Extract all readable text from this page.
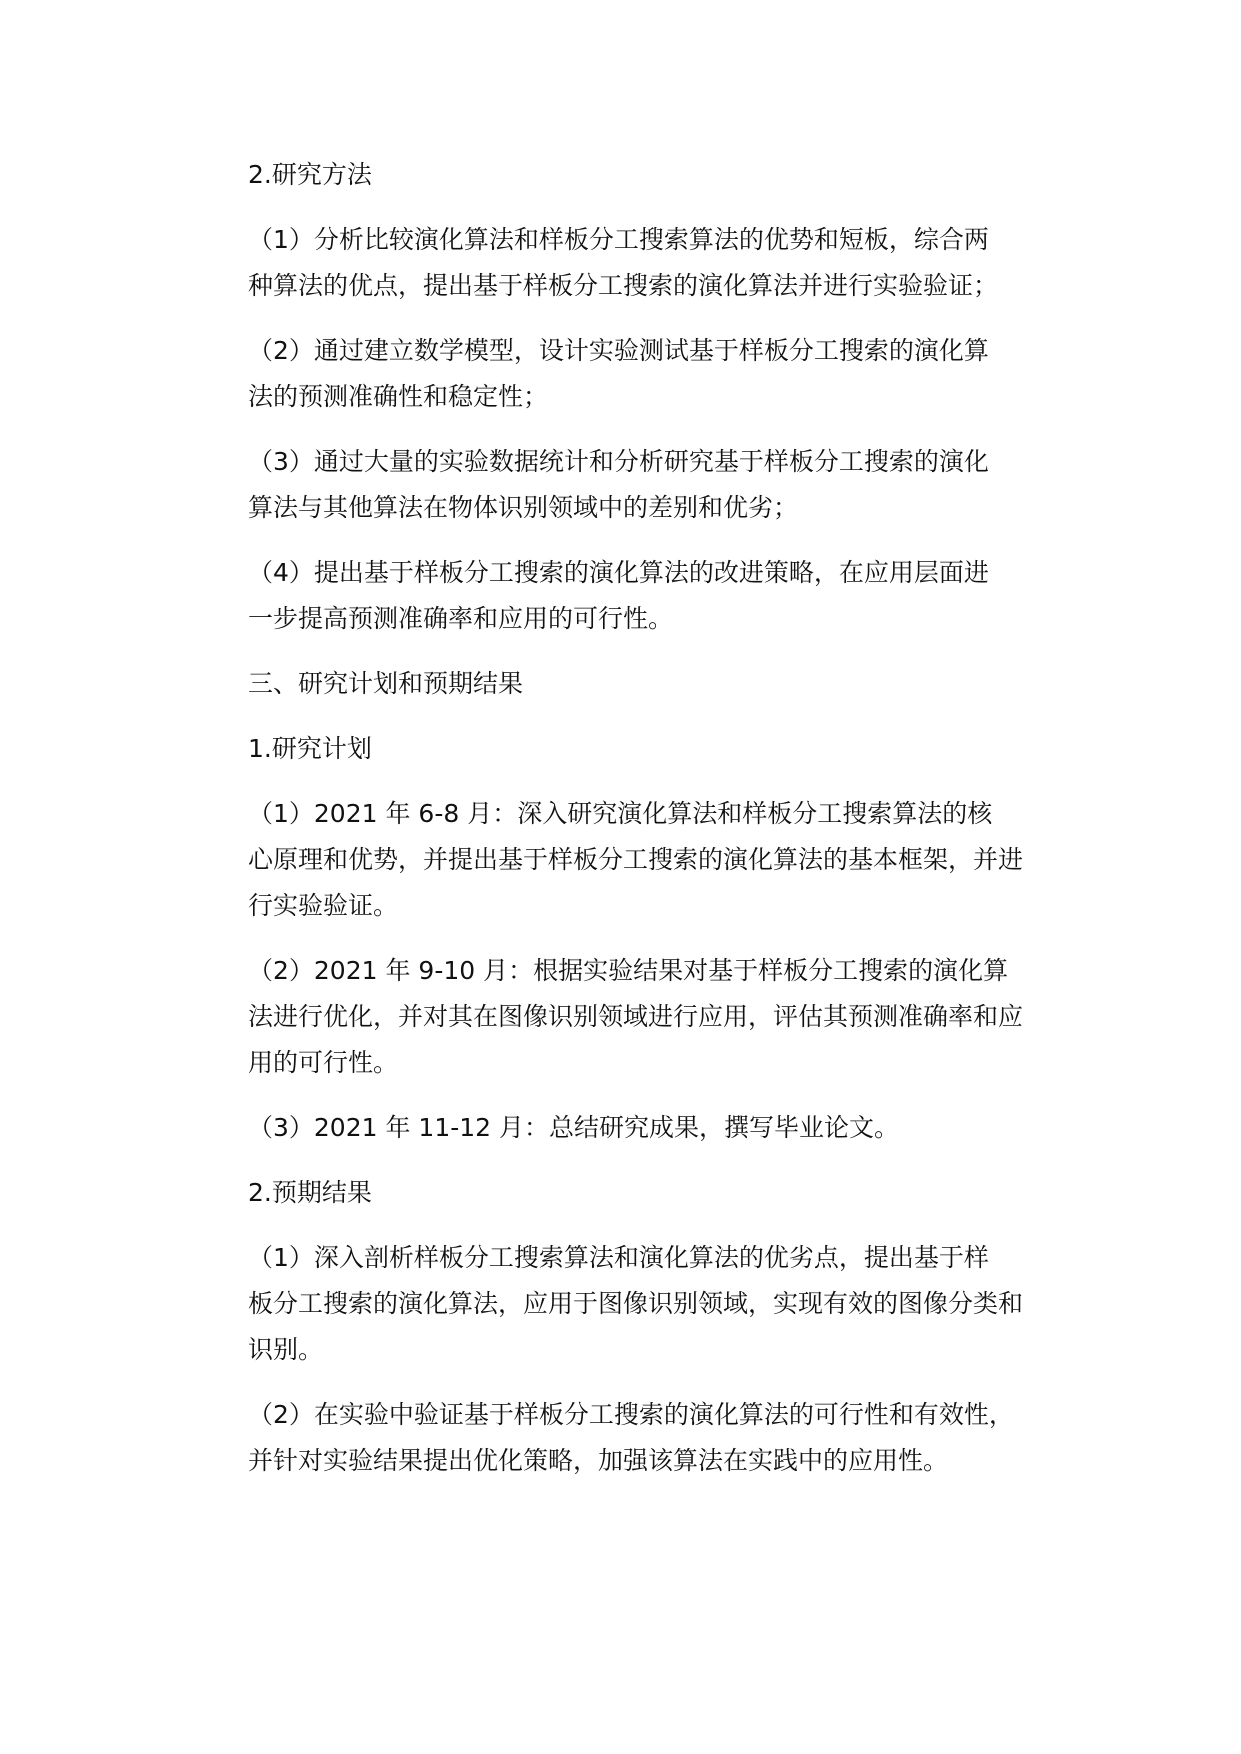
2.研究方法

（1）分析比较演化算法和样板分工搜索算法的优势和短板，综合两
种算法的优点，提出基于样板分工搜索的演化算法并进行实验验证；

（2）通过建立数学模型，设计实验测试基于样板分工搜索的演化算
法的预测准确性和稳定性；

（3）通过大量的实验数据统计和分析研究基于样板分工搜索的演化
算法与其他算法在物体识别领域中的差别和优劣；

（4）提出基于样板分工搜索的演化算法的改进策略，在应用层面进
一步提高预测准确率和应用的可行性。

三、研究计划和预期结果

1.研究计划

（1）2021 年 6-8 月：深入研究演化算法和样板分工搜索算法的核
心原理和优势，并提出基于样板分工搜索的演化算法的基本框架，并进
行实验验证。

（2）2021 年 9-10 月：根据实验结果对基于样板分工搜索的演化算
法进行优化，并对其在图像识别领域进行应用，评估其预测准确率和应
用的可行性。

（3）2021 年 11-12 月：总结研究成果，撰写毕业论文。

2.预期结果

（1）深入剖析样板分工搜索算法和演化算法的优劣点，提出基于样
板分工搜索的演化算法，应用于图像识别领域，实现有效的图像分类和
识别。

（2）在实验中验证基于样板分工搜索的演化算法的可行性和有效性，
并针对实验结果提出优化策略，加强该算法在实践中的应用性。
